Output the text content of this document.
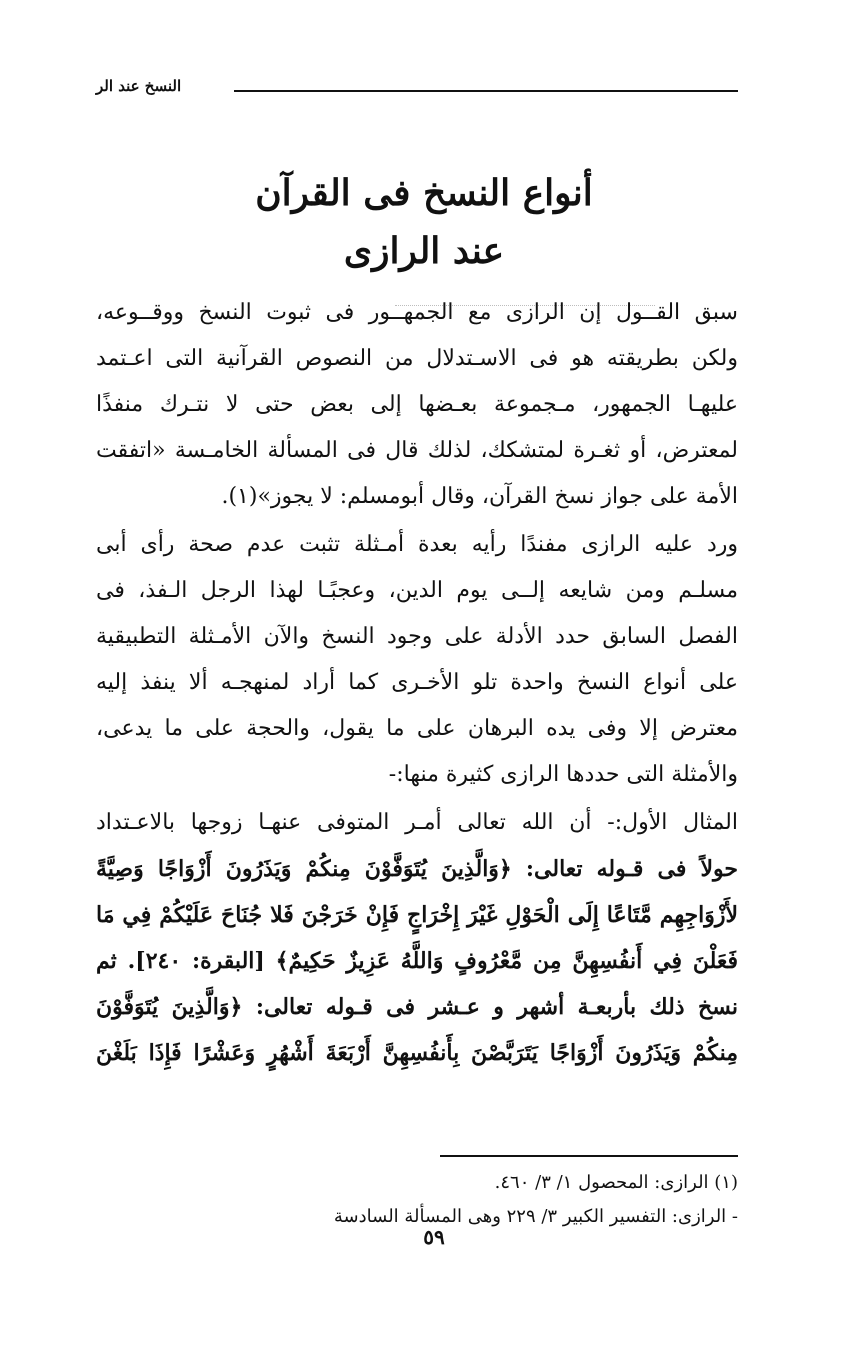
النسخ عند الر
أنواع النسخ فى القرآن
عند الرازى
سبق القــول إن الرازى مع الجمهــور فى ثبوت النسخ ووقــوعه،
ولكن بطريقته هو فى الاسـتدلال من النصوص القرآنية التى اعـتمد
عليهـا الجمهور، مـجموعة بعـضها إلى بعض حتى لا نتـرك منفذًا
لمعترض، أو ثغـرة لمتشكك، لذلك قال فى المسألة الخامـسة «اتفقت
الأمة على جواز نسخ القرآن، وقال أبومسلم: لا يجوز»(١).
ورد عليه الرازى مفندًا رأيه بعدة أمـثلة تثبت عدم صحة رأى أبى
مسلـم ومن شايعه إلــى يوم الدين، وعجبًـا لهذا الرجل الـفذ، فى
الفصل السابق حدد الأدلة على وجود النسخ والآن الأمـثلة التطبيقية
على أنواع النسخ واحدة تلو الأخـرى كما أراد لمنهجـه ألا ينفذ إليه
معترض إلا وفى يده البرهان على ما يقول، والحجة على ما يدعى،
والأمثلة التى حددها الرازى كثيرة منها:-
المثال الأول:- أن الله تعالى أمـر المتوفى عنهـا زوجها بالاعـتداد
حولاً فى قـوله تعالى: ﴿وَالَّذِينَ يُتَوَفَّوْنَ مِنكُمْ وَيَذَرُونَ أَزْوَاجًا وَصِيَّةً
لأَزْوَاجِهِم مَّتَاعًا إِلَى الْحَوْلِ غَيْرَ إِخْرَاجٍ فَإِنْ خَرَجْنَ فَلا جُنَاحَ عَلَيْكُمْ فِي مَا
فَعَلْنَ فِي أَنفُسِهِنَّ مِن مَّعْرُوفٍ وَاللَّهُ عَزِيزٌ حَكِيمٌ﴾ [البقرة: ٢٤٠]. ثم
نسخ ذلك بأربعـة أشهر و عـشر فى قـوله تعالى: ﴿وَالَّذِينَ يُتَوَفَّوْنَ
مِنكُمْ وَيَذَرُونَ أَزْوَاجًا يَتَرَبَّصْنَ بِأَنفُسِهِنَّ أَرْبَعَةَ أَشْهُرٍ وَعَشْرًا فَإِذَا بَلَغْنَ
(١) الرازى: المحصول ١/ ٣/ ٤٦٠.
- الرازى: التفسير الكبير ٣/ ٢٢٩ وهى المسألة السادسة
٥٩
